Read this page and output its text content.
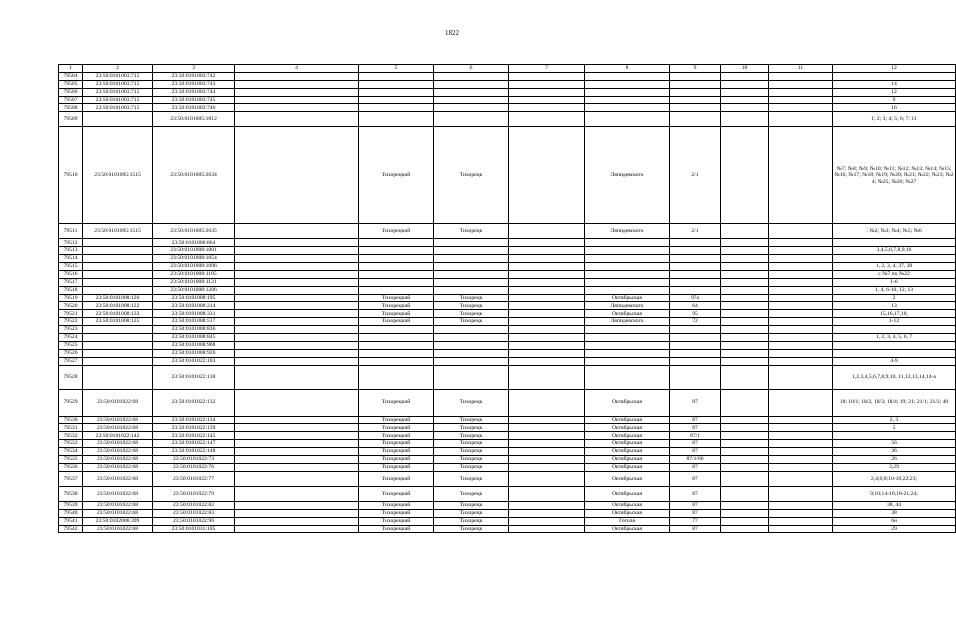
1822
1	2	3	4	5	6	7	8	9	10	11	12
79504	23:50:0101003:715	23:50:0101003:742									
79505	23:50:0101003:715	23:50:0101003:743									14
79506	23:50:0101003:715	23:50:0101003:744									12
79507	23:50:0101003:715	23:50:0101003:745									9
79508	23:50:0101003:715	23:50:0101003:746									16
79509		23:50:0101005:1812									1; 2; 3; 4; 5; 6; 7; 11
79510	23:50:0101005:1515	23:50:0101005:2634		Тихорецкий	Тихорецк		Ляпидевского	2/1			№7; №8; №9; №10; №11; №12; №13; №14; №15; №16; №17; №18; №19; №20; №21; №22; №23; №24; №25; №26; №27
79511	23:50:0101005:1515	23:50:0101005:2635		Тихорецкий	Тихорецк		Ляпидевского	2/1			; №2; №3; №4; №5; №6
79512		23:50:0101006:864									
79513		23:50:0101008:1001									3,4,5,6,7,8,9,10
79514		23:50:0101008:1054									
79515		23:50:0101008:1096									1, 2, 3, 4, 37, 38
79516		23:50:0101008:1105									с №7 по №22
79517		23:50:0101008:1121									1-6
79518		23:50:0101008:1206									1, 4, 6-10, 12, 13
79519	23:50:0101008:120	23:50:0101008:195		Тихорецкий	Тихорецк		Октябрьская	97а			2
79520	23:50:0101008:122	23:50:0101008:214		Тихорецкий	Тихорецк		Ляпидевского	64			13
79521	23:50:0101008:133	23:50:0101008:331		Тихорецкий	Тихорецк		Октябрьская	95			15,16,17,18,
79522	23:50:0101008:125	23:50:0101008:517		Тихорецкий	Тихорецк		Ляпидевского	72			1-12
79523		23:50:0101008:836									
79524		23:50:0101008:845									1, 2, 3, 4, 5, 6, 7
79525		23:50:0101008:908									
79526		23:50:0101008:926									
79527		23:50:0101022:103									4-9
79528		23:50:0101022:130									1,2,3,4,5,6,7,8,9,10, 11,12,13,14,14-а
79529	23:50:0101022:68	23:50:0101022:132		Тихорецкий	Тихорецк		Октябрьская	87			18; 18/1; 18/2, 18/3; 18/4; 19; 21; 21/1; 21/2; 40
79530	23:50:0101022:68	23:50:0101022:134		Тихорецкий	Тихорецк		Октябрьская	87			2, 3
79531	23:50:0101022:68	23:50:0101022:139		Тихорецкий	Тихорецк		Октябрьская	87			5
79532	23:50:0101022:142	23:50:0101022:145		Тихорецкий	Тихорецк		Октябрьская	87/1			
79533	23:50:0101022:68	23:50:0101022:147		Тихорецкий	Тихорецк		Октябрьская	87			56
79534	23:50:0101022:68	23:50:0101022:148		Тихорецкий	Тихорецк		Октябрьская	87			36
79535	23:50:0101022:68	23:50:0101022:73		Тихорецкий	Тихорецк		Октябрьская	87/1/66			26
79536	23:50:0101022:68	23:50:0101022:76		Тихорецкий	Тихорецк		Октябрьская	87			3,29
79537	23:50:0101022:68	23:50:0101022:77		Тихорецкий	Тихорецк		Октябрьская	87			2,4;6;8;10-16;22;23;
79538	23:50:0101022:68	23:50:0101022:79		Тихорецкий	Тихорецк		Октябрьская	87			9;10;14-16;18-21;24;
79539	23:50:0101022:68	23:50:0101022:82		Тихорецкий	Тихорецк		Октябрьская	87			38, 44
79540	23:50:0101022:68	23:50:0101022:83		Тихорецкий	Тихорецк		Октябрьская	87			38
79541	23:50:0102006:399	23:50:0101022:96		Тихорецкий	Тихорецк		Гоголя	77			6н
79542	23:50:0101022:68	23:50:0101031:105		Тихорецкий	Тихорецк		Октябрьская	87			29
